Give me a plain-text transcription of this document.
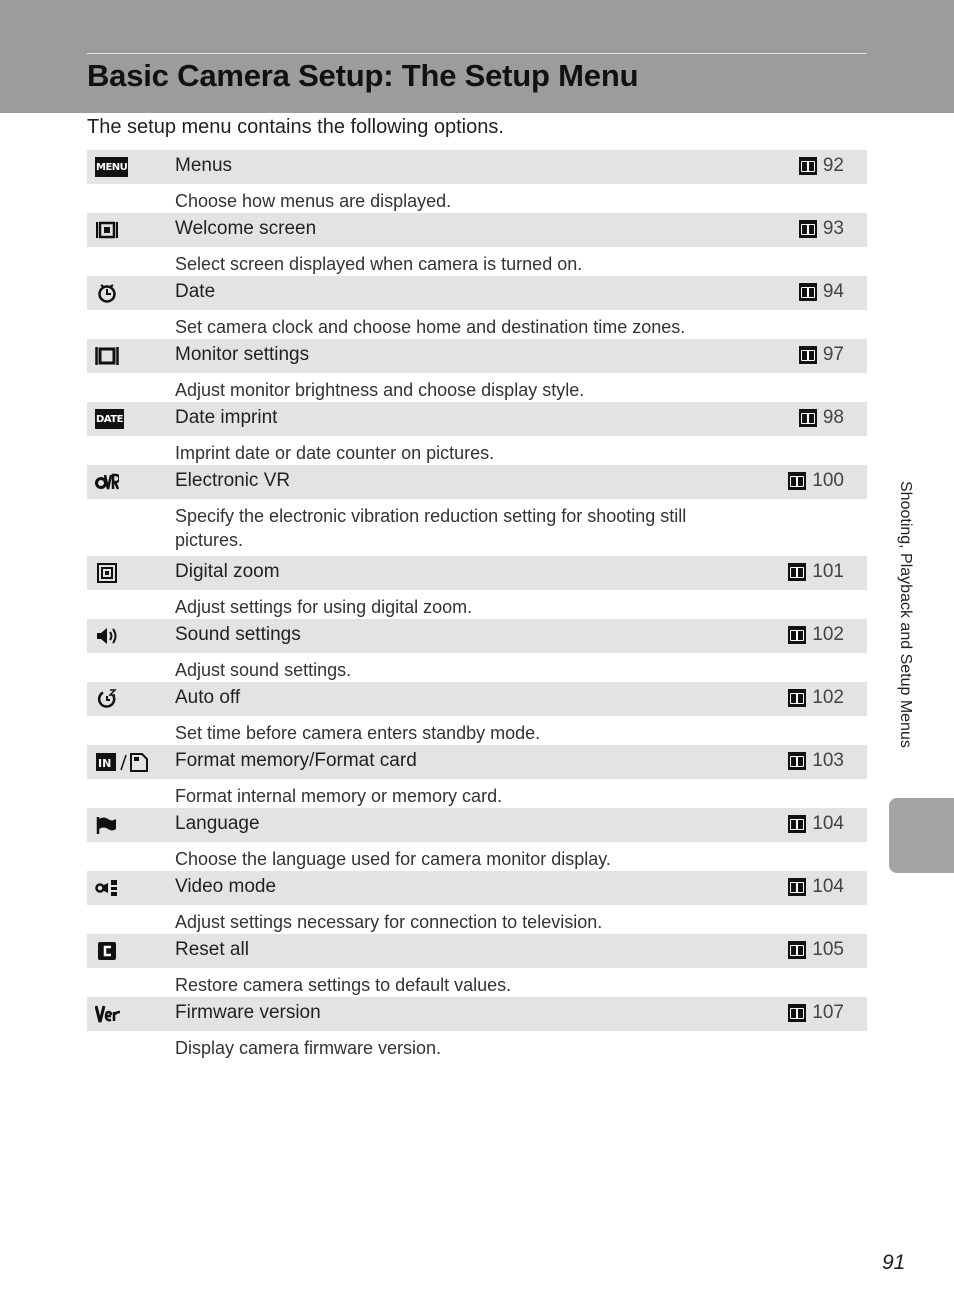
Basic Camera Setup: The Setup Menu
The setup menu contains the following options.
MENU	Menus	92
Choose how menus are displayed.
Welcome screen	93
Select screen displayed when camera is turned on.
Date	94
Set camera clock and choose home and destination time zones.
Monitor settings	97
Adjust monitor brightness and choose display style.
DATE	Date imprint	98
Imprint date or date counter on pictures.
Electronic VR	100
Specify the electronic vibration reduction setting for shooting still pictures.
Digital zoom	101
Adjust settings for using digital zoom.
Sound settings	102
Adjust sound settings.
Auto off	102
Set time before camera enters standby mode.
IN	Format memory/Format card	103
Format internal memory or memory card.
Language	104
Choose the language used for camera monitor display.
Video mode	104
Adjust settings necessary for connection to television.
Reset all	105
Restore camera settings to default values.
Firmware version	107
Display camera firmware version.
Shooting, Playback and Setup Menus
91
